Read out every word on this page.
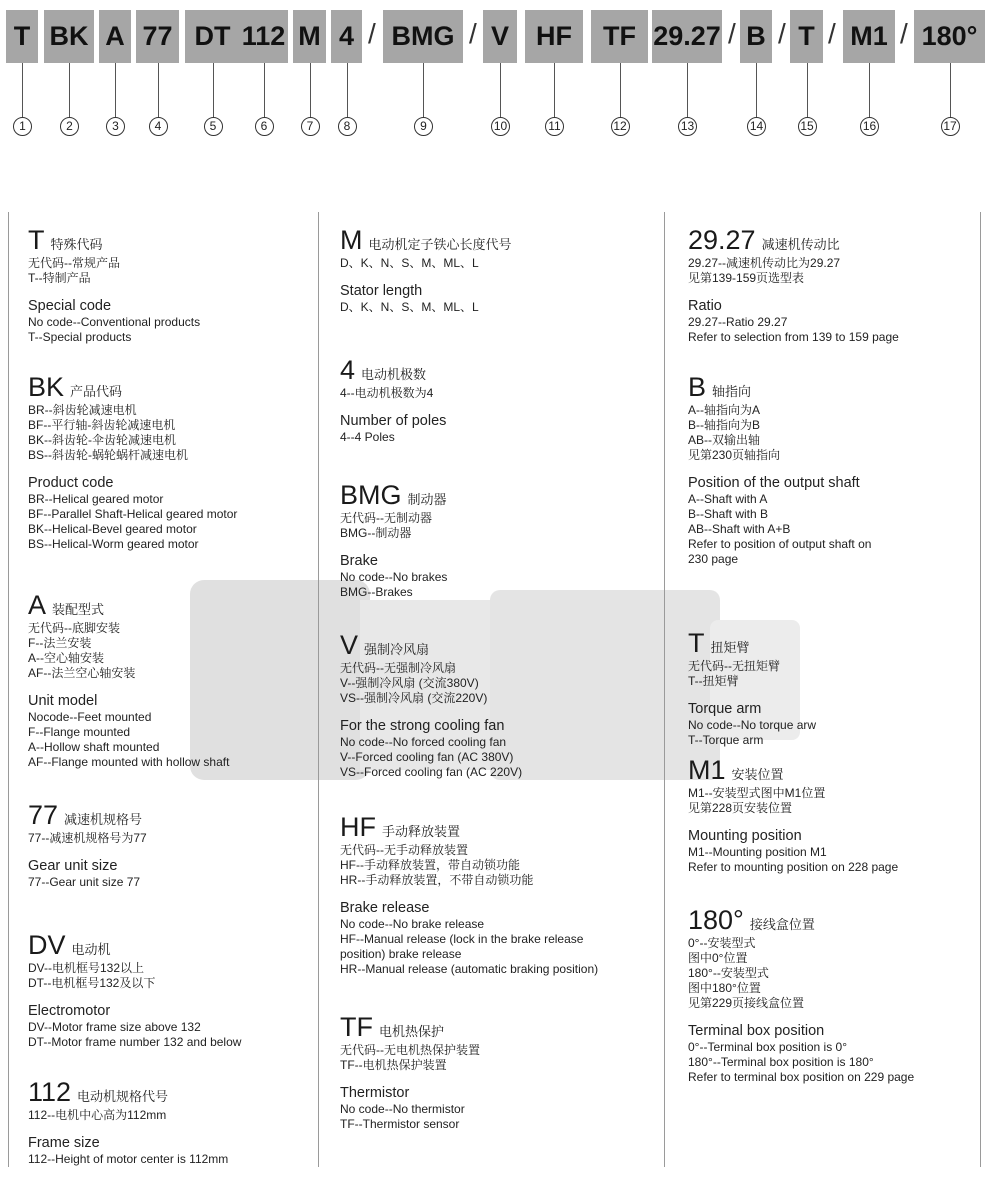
T
1
BK
2
A
3
77
4
DT
5
112
6
M
7
4
8
/ BMG
9
/ V
10
HF
11
TF
12
29.27
13
/ B
14
/ T
15
/ M1
16
/ 180°
17
T特殊代码
无代码--常规产品
T--特制产品
Special code
No code--Conventional products
T--Special products
BK 产品代码
BR--斜齿轮减速电机
BF--平行轴-斜齿轮减速电机
BK--斜齿轮-伞齿轮减速电机
BS--斜齿轮-蜗轮蜗杆减速电机
Product code
BR--Helical geared motor
BF--Parallel Shaft-Helical geared motor
BK--Helical-Bevel geared motor
BS--Helical-Worm geared motor
A装配型式
无代码--底脚安装
F--法兰安装
A--空心轴安装
AF--法兰空心轴安装
Unit model
Nocode--Feet mounted
F--Flange mounted
A--Hollow shaft mounted
AF--Flange mounted with hollow shaft
77 减速机规格号
77--减速机规格号为77
Gear unit size
77--Gear unit size 77
DV 电动机
DV--电机框号132以上
DT--电机框号132及以下
Electromotor
DV--Motor frame size above 132
DT--Motor frame number 132 and below
112 电动机规格代号
112--电机中心高为112mm
Frame size
112--Height of motor center is 112mm
M电动机定子铁心长度代号
D、K、N、S、M、ML、L
Stator length
D、K、N、S、M、ML、L
4 电动机极数
4--电动机极数为4
Number of poles
4--4 Poles
BMG 制动器
无代码--无制动器
BMG--制动器
Brake
No code--No brakes
BMG--Brakes
V强制冷风扇
无代码--无强制冷风扇
V--强制冷风扇 (交流380V)
VS--强制冷风扇 (交流220V)
For the strong cooling fan
No code--No forced cooling fan
V--Forced cooling fan (AC 380V)
VS--Forced cooling fan (AC 220V)
HF 手动释放装置
无代码--无手动释放装置
HF--手动释放装置，带自动锁功能
HR--手动释放装置，不带自动锁功能
Brake release
No code--No brake release
HF--Manual release (lock in the brake release
position) brake release
HR--Manual release (automatic braking position)
TF 电机热保护
无代码--无电机热保护装置
TF--电机热保护装置
Thermistor
No code--No thermistor
TF--Thermistor sensor
29.27 减速机传动比
29.27--减速机传动比为29.27
见第139-159页选型表
Ratio
29.27--Ratio 29.27
Refer to selection from 139 to 159 page
B轴指向
A--轴指向为A
B--轴指向为B
AB--双输出轴
见第230页轴指向
Position of the output shaft
A--Shaft with A
B--Shaft with B
AB--Shaft with A+B
Refer to position of output shaft on
230 page
T扭矩臂
无代码--无扭矩臂
T--扭矩臂
Torque arm
No code--No torque arw
T--Torque arm
M1 安装位置
M1--安装型式图中M1位置
见第228页安装位置
Mounting position
M1--Mounting position M1
Refer to mounting position on 228 page
180° 接线盒位置
0°--安装型式
图中0°位置
180°--安装型式
图中180°位置
见第229页接线盒位置
Terminal box position
0°--Terminal box position is 0°
180°--Terminal box position is 180°
Refer to terminal box position on 229 page
